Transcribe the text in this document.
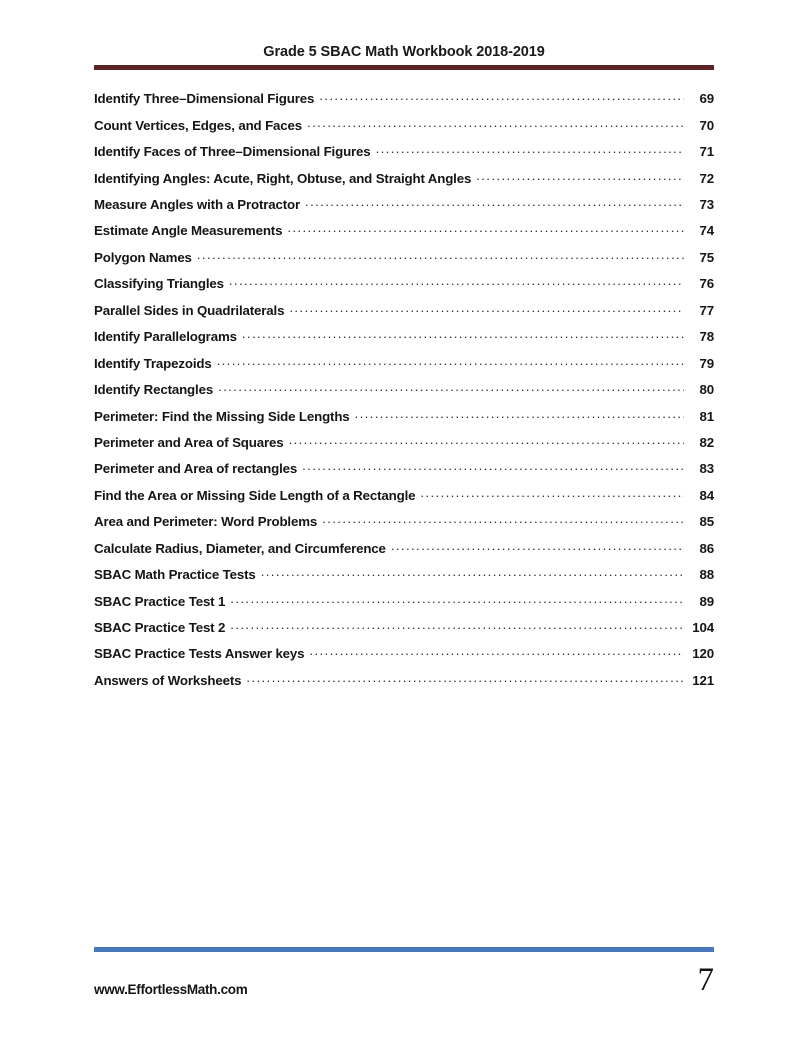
Grade 5 SBAC Math Workbook 2018-2019
Identify Three–Dimensional Figures .....	69
Count Vertices, Edges, and Faces .....	70
Identify Faces of Three–Dimensional Figures .....	71
Identifying Angles: Acute, Right, Obtuse, and Straight Angles .....	72
Measure Angles with a Protractor .....	73
Estimate Angle Measurements .....	74
Polygon Names .....	75
Classifying Triangles .....	76
Parallel Sides in Quadrilaterals .....	77
Identify Parallelograms .....	78
Identify Trapezoids .....	79
Identify Rectangles .....	80
Perimeter: Find the Missing Side Lengths .....	81
Perimeter and Area of Squares .....	82
Perimeter and Area of rectangles .....	83
Find the Area or Missing Side Length of a Rectangle .....	84
Area and Perimeter: Word Problems .....	85
Calculate Radius, Diameter, and Circumference .....	86
SBAC Math Practice Tests .....	88
SBAC Practice Test 1 .....	89
SBAC Practice Test 2 .....	104
SBAC Practice Tests Answer keys .....	120
Answers of Worksheets .....	121
www.EffortlessMath.com	7
